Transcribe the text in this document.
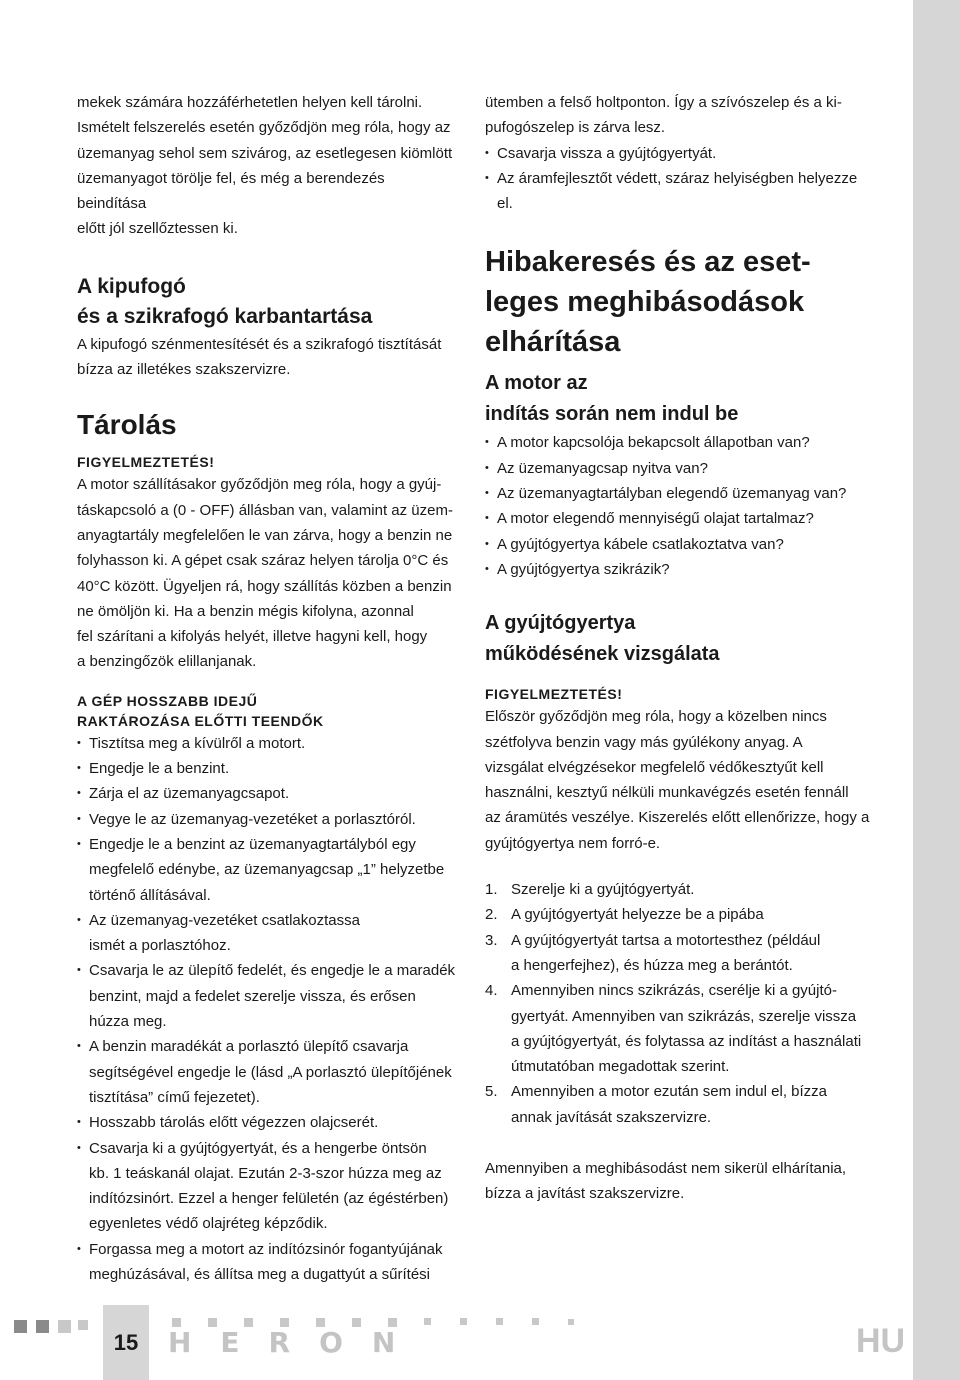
mekek számára hozzáférhetetlen helyen kell tárolni.

Ismételt felszerelés esetén győződjön meg róla, hogy az

üzemanyag sehol sem szivárog, az esetlegesen kiömlött

üzemanyagot törölje fel, és még a berendezés beindítása

előtt jól szellőztessen ki.

A kipufogó
és a szikrafogó karbantartása

A kipufogó szénmentesítését és a szikrafogó tisztítását

bízza az illetékes szakszervizre.

Tárolás
FIGYELMEZTETÉS!

A motor szállításakor győződjön meg róla, hogy a gyúj-

táskapcsoló a (0 - OFF) állásban van, valamint az üzem-

anyagtartály megfelelően le van zárva, hogy a benzin ne

folyhasson ki. A gépet csak száraz helyen tárolja 0°C és

40°C között. Ügyeljen rá, hogy szállítás közben a benzin

ne ömöljön ki. Ha a benzin mégis kifolyna, azonnal

fel szárítani a kifolyás helyét, illetve hagyni kell, hogy

a benzingőzök elillanjanak.

A GÉP HOSSZABB IDEJŰ
RAKTÁROZÁSA ELŐTTI TEENDŐK
• Tisztítsa meg a kívülről a motort.
• Engedje le a benzint.
• Zárja el az üzemanyagcsapot.
• Vegye le az üzemanyag-vezetéket a porlasztóról.
• Engedje le a benzint az üzemanyagtartályból egy
megfelelő edénybe, az üzemanyagcsap „1” helyzetbe
történő állításával.
• Az üzemanyag-vezetéket csatlakoztassa
ismét a porlasztóhoz.
• Csavarja le az ülepítő fedelét, és engedje le a maradék
benzint, majd a fedelet szerelje vissza, és erősen
húzza meg.
• A benzin maradékát a porlasztó ülepítő csavarja
segítségével engedje le (lásd „A porlasztó ülepítőjének
tisztítása” című fejezetet).
• Hosszabb tárolás előtt végezzen olajcserét.
• Csavarja ki a gyújtógyertyát, és a hengerbe öntsön
kb. 1 teáskanál olajat. Ezután 2-3-szor húzza meg az
indítózsinórt. Ezzel a henger felületén (az égéstérben)
egyenletes védő olajréteg képződik.
• Forgassa meg a motort az indítózsinór fogantyújának
meghúzásával, és állítsa meg a dugattyút a sűrítési

ütemben a felső holtponton. Így a szívószelep és a ki-

pufogószelep is zárva lesz.

• Csavarja vissza a gyújtógyertyát.
• Az áramfejlesztőt védett, száraz helyiségben helyezze
el.
Hibakeresés és az eset-
leges meghibásodások
elhárítása
A motor az
indítás során nem indul be
• A motor kapcsolója bekapcsolt állapotban van?
• Az üzemanyagcsap nyitva van?
• Az üzemanyagtartályban elegendő üzemanyag van?
• A motor elegendő mennyiségű olajat tartalmaz?
• A gyújtógyertya kábele csatlakoztatva van?
• A gyújtógyertya szikrázik?
A gyújtógyertya
működésének vizsgálata
FIGYELMEZTETÉS!

Először győződjön meg róla, hogy a közelben nincs

szétfolyva benzin vagy más gyúlékony anyag. A

vizsgálat elvégzésekor megfelelő védőkesztyűt kell

használni, kesztyű nélküli munkavégzés esetén fennáll

az áramütés veszélye. Kiszerelés előtt ellenőrizze, hogy a

gyújtógyertya nem forró-e.

1. Szerelje ki a gyújtógyertyát.
2. A gyújtógyertyát helyezze be a pipába
3. A gyújtógyertyát tartsa a motortesthez (például
a hengerfejhez), és húzza meg a berántót.
4. Amennyiben nincs szikrázás, cserélje ki a gyújtó-
gyertyát. Amennyiben van szikrázás, szerelje vissza
a gyújtógyertyát, és folytassa az indítást a használati
útmutatóban megadottak szerint.
5. Amennyiben a motor ezután sem indul el, bízza
annak javítását szakszervizre.

Amennyiben a meghibásodást nem sikerül elhárítania,

bízza a javítást szakszervizre.

15 HERON	HU
